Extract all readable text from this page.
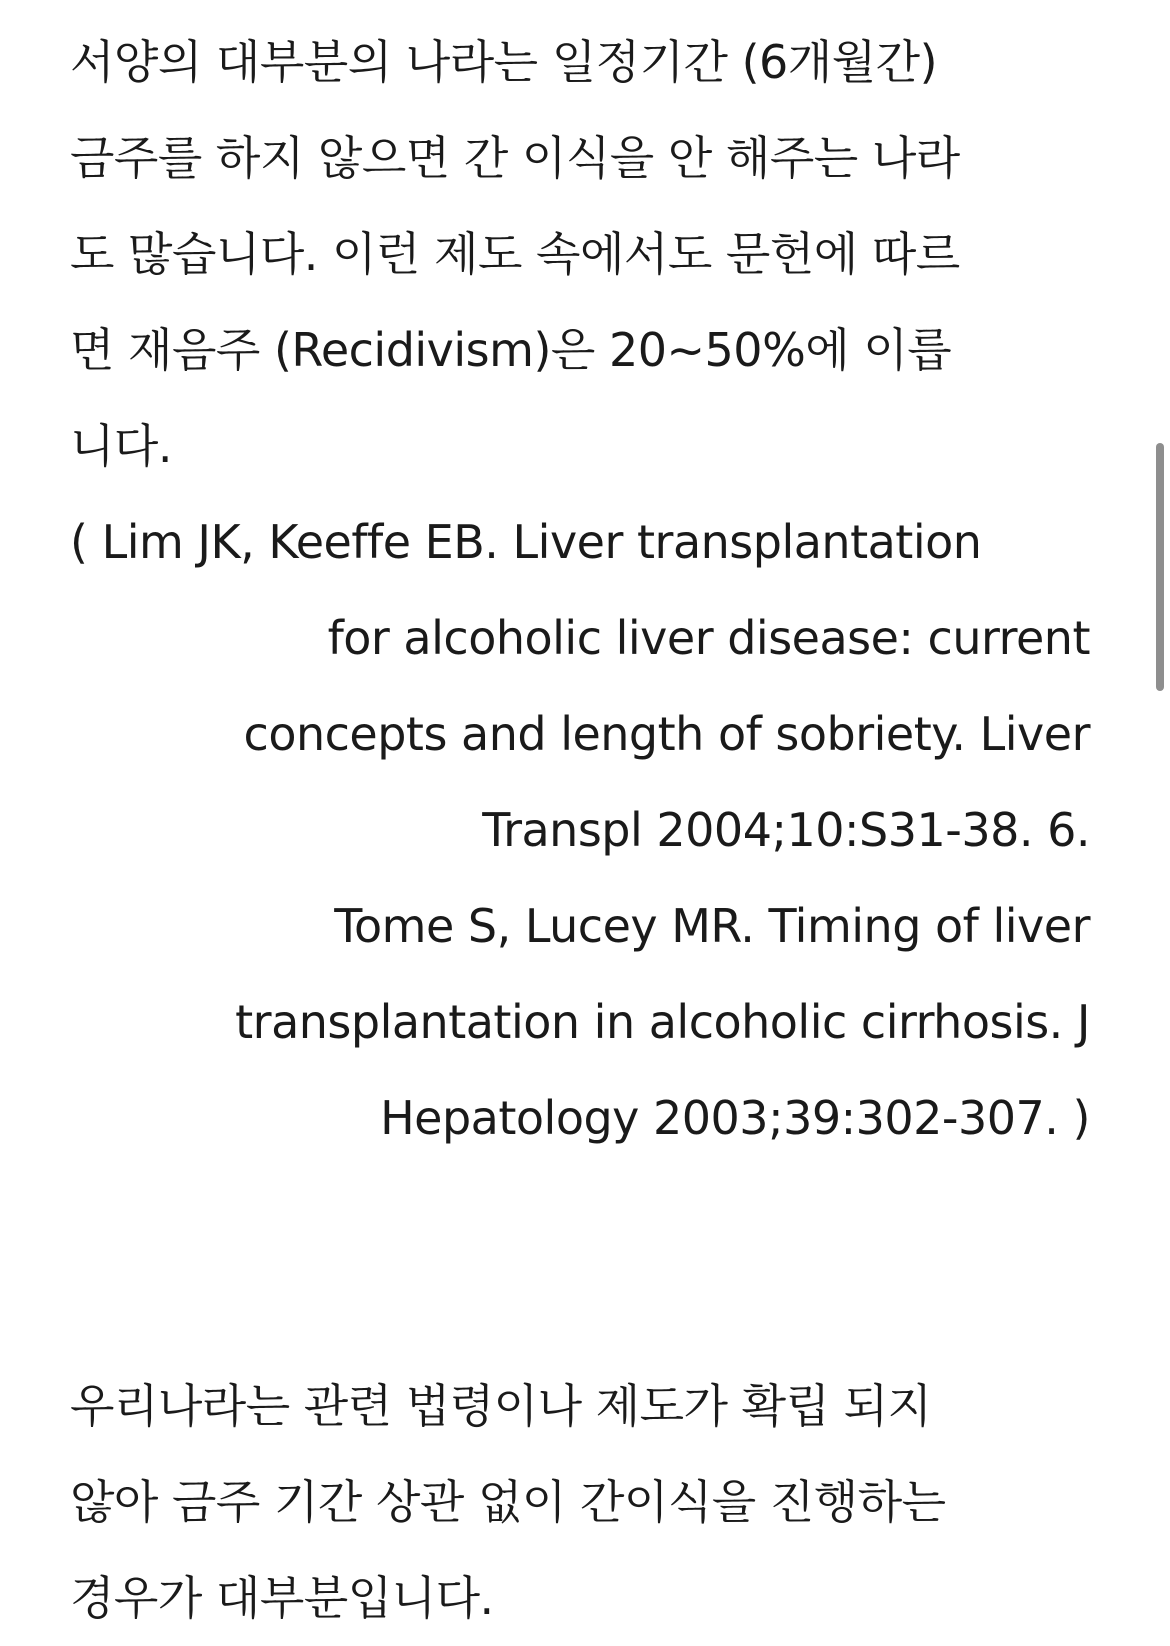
서양의 대부분의 나라는 일정기간 (6개월간)
금주를 하지 않으면 간 이식을 안 해주는 나라
도 많습니다. 이런 제도 속에서도 문헌에 따르
면 재음주 (Recidivism)은 20~50%에 이릅
니다.
( Lim JK, Keeffe EB. Liver transplantation
for alcoholic liver disease: current
concepts and length of sobriety. Liver
Transpl 2004;10:S31-38. 6.
Tome S, Lucey MR. Timing of liver
transplantation in alcoholic cirrhosis. J
Hepatology 2003;39:302-307. )
우리나라는 관련 법령이나 제도가 확립 되지
않아 금주 기간 상관 없이 간이식을 진행하는
경우가 대부분입니다.
